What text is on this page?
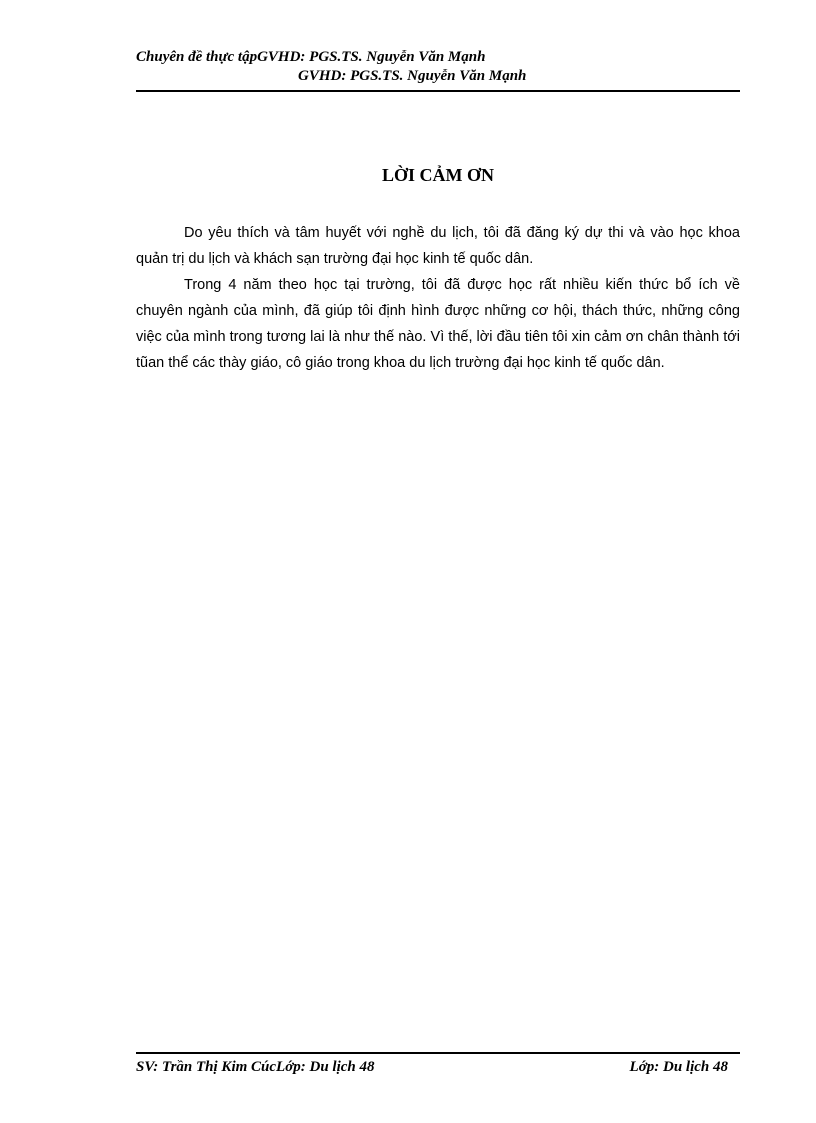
Chuyên đề thực tậpGVHD: PGS.TS. Nguyễn Văn Mạnh
GVHD: PGS.TS. Nguyễn Văn Mạnh
LỜI CẢM ƠN

Do yêu thích và tâm huyết với nghề du lịch, tôi đã đăng ký dự thi và vào học khoa quản trị du lịch và khách sạn trường đại học kinh tế quốc dân.

Trong 4 năm theo học tại trường, tôi đã được học rất nhiều kiến thức bổ ích về chuyên ngành của mình, đã giúp tôi định hình được những cơ hội, thách thức, những công việc của mình trong tương lai là như thế nào. Vì thế, lời đầu tiên tôi xin cảm ơn chân thành tới tũan thể các thày giáo, cô giáo trong khoa du lịch trường đại học kinh tế quốc dân.

SV: Trần Thị Kim CúcLớp: Du lịch 48	Lớp: Du lịch 48
